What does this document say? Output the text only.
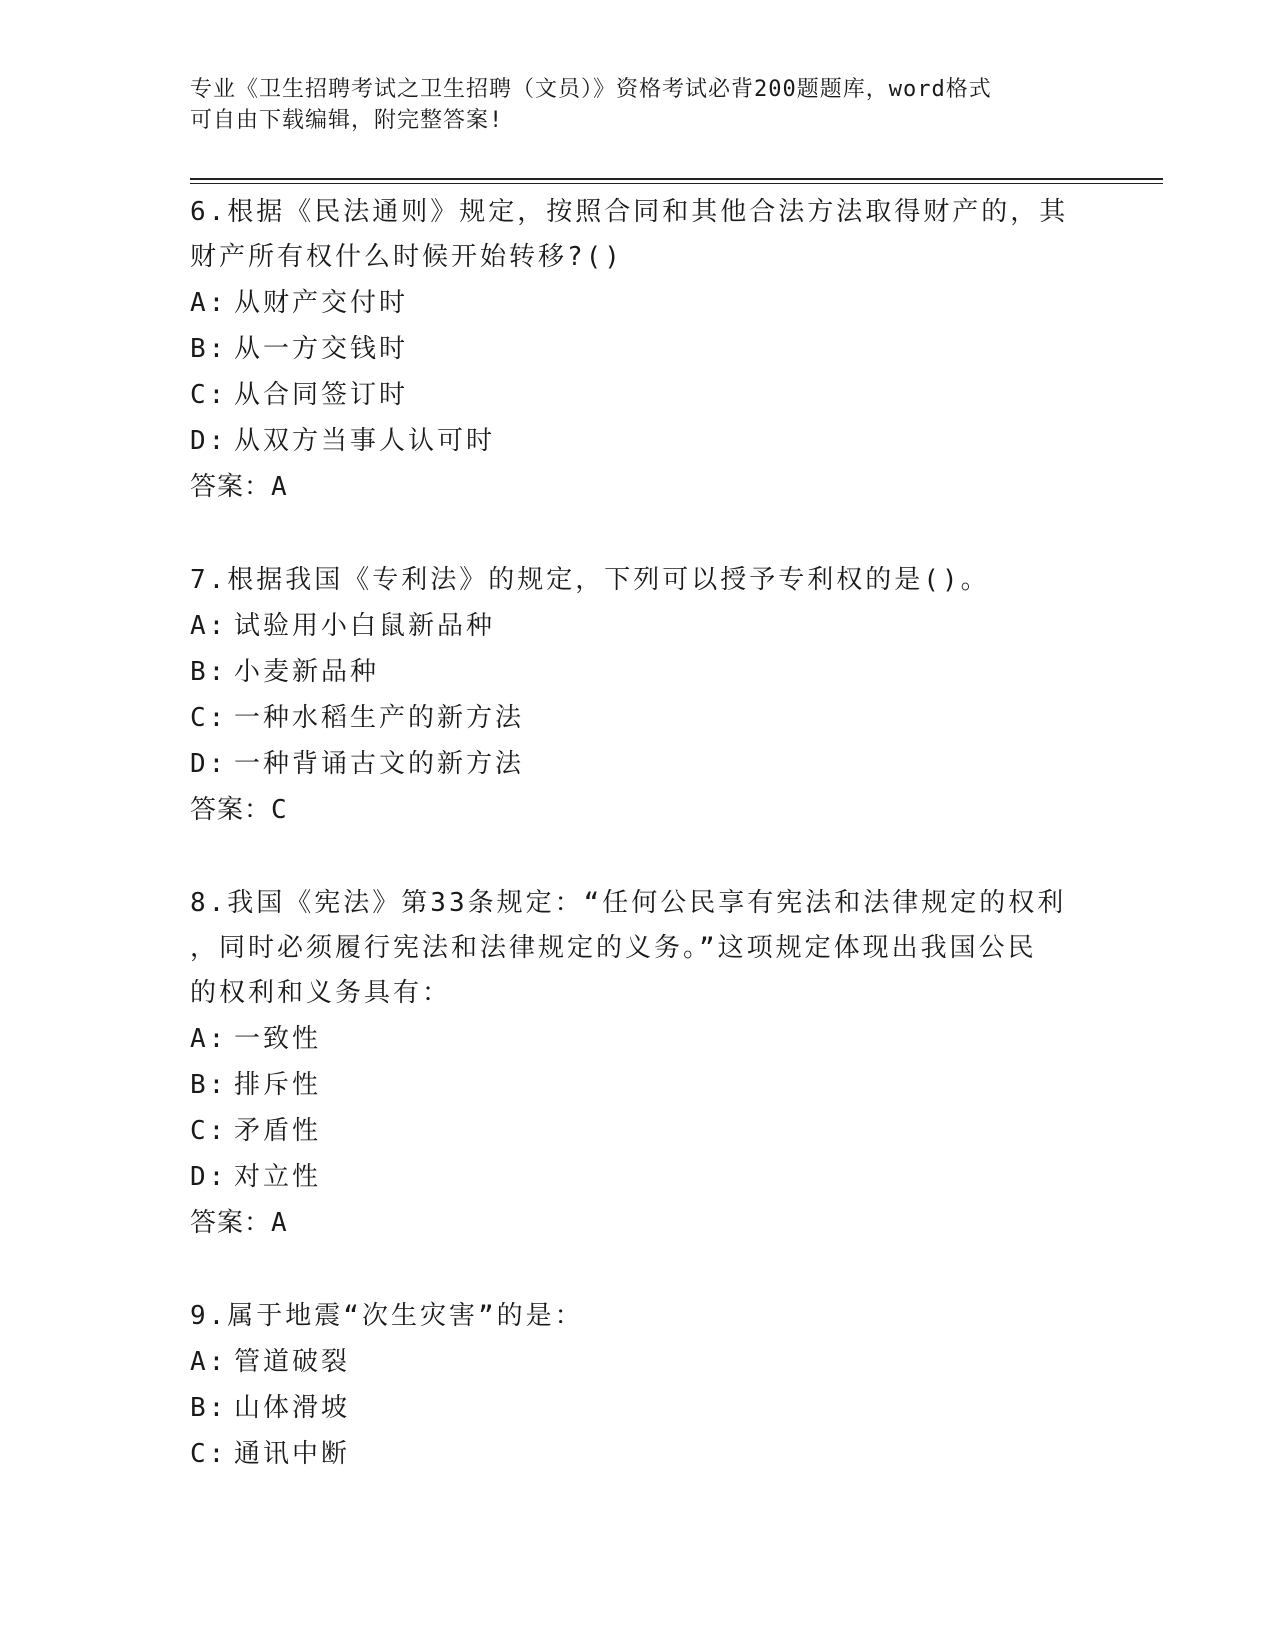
专业《卫生招聘考试之卫生招聘（文员）》资格考试必背200题题库，word格式
可自由下载编辑，附完整答案!

6.根据《民法通则》规定，按照合同和其他合法方法取得财产的，其
财产所有权什么时候开始转移?()

A: 从财产交付时
B: 从一方交钱时
C: 从合同签订时
D: 从双方当事人认可时

答案：A

7.根据我国《专利法》的规定，下列可以授予专利权的是()。

A: 试验用小白鼠新品种
B: 小麦新品种
C: 一种水稻生产的新方法
D: 一种背诵古文的新方法

答案：C

8.我国《宪法》第33条规定：“任何公民享有宪法和法律规定的权利
，同时必须履行宪法和法律规定的义务。”这项规定体现出我国公民
的权利和义务具有：

A: 一致性
B: 排斥性
C: 矛盾性
D: 对立性

答案：A

9.属于地震“次生灾害”的是：

A: 管道破裂
B: 山体滑坡
C: 通讯中断
